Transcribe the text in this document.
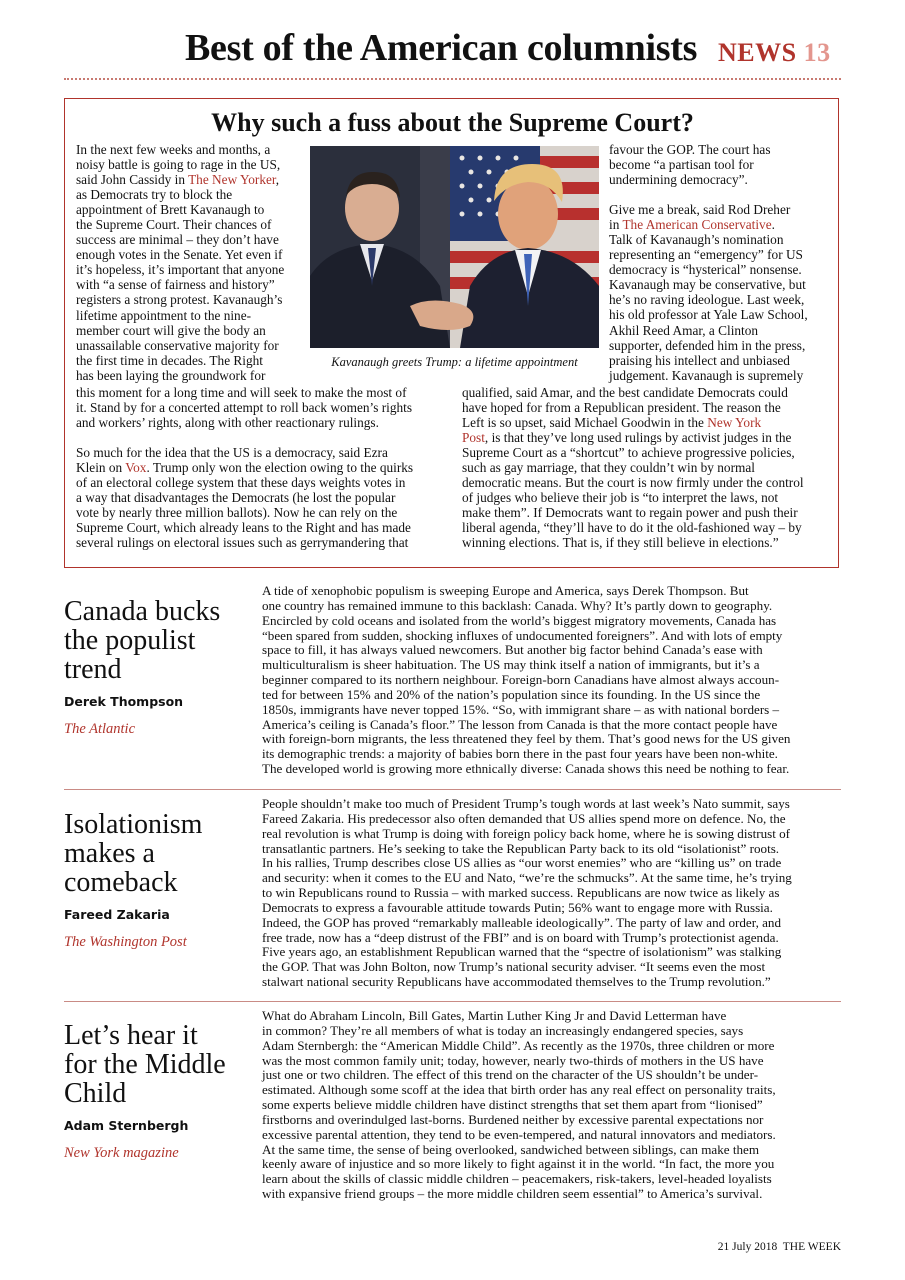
Best of the American columnists NEWS 13
Why such a fuss about the Supreme Court?
Kavanaugh greets Trump: a lifetime appointment

In the next few weeks and months, a

noisy battle is going to rage in the US,

said John Cassidy in The New Yorker,

as Democrats try to block the

appointment of Brett Kavanaugh to

the Supreme Court. Their chances of

success are minimal – they don’t have

enough votes in the Senate. Yet even if

it’s hopeless, it’s important that anyone

with “a sense of fairness and history”

registers a strong protest. Kavanaugh’s

lifetime appointment to the nine-

member court will give the body an

unassailable conservative majority for

the first time in decades. The Right

has been laying the groundwork for

this moment for a long time and will seek to make the most of

it. Stand by for a concerted attempt to roll back women’s rights

and workers’ rights, along with other reactionary rulings.

So much for the idea that the US is a democracy, said Ezra

Klein on Vox. Trump only won the election owing to the quirks

of an electoral college system that these days weights votes in

a way that disadvantages the Democrats (he lost the popular

vote by nearly three million ballots). Now he can rely on the

Supreme Court, which already leans to the Right and has made

several rulings on electoral issues such as gerrymandering that

favour the GOP. The court has

become “a partisan tool for

undermining democracy”.

Give me a break, said Rod Dreher

in The American Conservative.

Talk of Kavanaugh’s nomination

representing an “emergency” for US

democracy is “hysterical” nonsense.

Kavanaugh may be conservative, but

he’s no raving ideologue. Last week,

his old professor at Yale Law School,

Akhil Reed Amar, a Clinton

supporter, defended him in the press,

praising his intellect and unbiased

judgement. Kavanaugh is supremely

qualified, said Amar, and the best candidate Democrats could

have hoped for from a Republican president. The reason the

Left is so upset, said Michael Goodwin in the New York

Post, is that they’ve long used rulings by activist judges in the

Supreme Court as a “shortcut” to achieve progressive policies,

such as gay marriage, that they couldn’t win by normal

democratic means. But the court is now firmly under the control

of judges who believe their job is “to interpret the laws, not

make them”. If Democrats want to regain power and push their

liberal agenda, “they’ll have to do it the old-fashioned way – by

winning elections. That is, if they still believe in elections.”

Canada bucks
the populist
trend
Derek Thompson
The Atlantic
A tide of xenophobic populism is sweeping Europe and America, says Derek Thompson. But
one country has remained immune to this backlash: Canada. Why? It’s partly down to geography.
Encircled by cold oceans and isolated from the world’s biggest migratory movements, Canada has
“been spared from sudden, shocking influxes of undocumented foreigners”. And with lots of empty
space to fill, it has always valued newcomers. But another big factor behind Canada’s ease with
multiculturalism is sheer habituation. The US may think itself a nation of immigrants, but it’s a
beginner compared to its northern neighbour. Foreign-born Canadians have almost always accoun-
ted for between 15% and 20% of the nation’s population since its founding. In the US since the
1850s, immigrants have never topped 15%. “So, with immigrant share – as with national borders –
America’s ceiling is Canada’s floor.” The lesson from Canada is that the more contact people have
with foreign-born migrants, the less threatened they feel by them. That’s good news for the US given
its demographic trends: a majority of babies born there in the past four years have been non-white.
The developed world is growing more ethnically diverse: Canada shows this need be nothing to fear.
Isolationism
makes a
comeback
Fareed Zakaria
The Washington Post
People shouldn’t make too much of President Trump’s tough words at last week’s Nato summit, says
Fareed Zakaria. His predecessor also often demanded that US allies spend more on defence. No, the
real revolution is what Trump is doing with foreign policy back home, where he is sowing distrust of
transatlantic partners. He’s seeking to take the Republican Party back to its old “isolationist” roots.
In his rallies, Trump describes close US allies as “our worst enemies” who are “killing us” on trade
and security: when it comes to the EU and Nato, “we’re the schmucks”. At the same time, he’s trying
to win Republicans round to Russia – with marked success. Republicans are now twice as likely as
Democrats to express a favourable attitude towards Putin; 56% want to engage more with Russia.
Indeed, the GOP has proved “remarkably malleable ideologically”. The party of law and order, and
free trade, now has a “deep distrust of the FBI” and is on board with Trump’s protectionist agenda.
Five years ago, an establishment Republican warned that the “spectre of isolationism” was stalking
the GOP. That was John Bolton, now Trump’s national security adviser. “It seems even the most
stalwart national security Republicans have accommodated themselves to the Trump revolution.”
Let’s hear it
for the Middle
Child
Adam Sternbergh
New York magazine
What do Abraham Lincoln, Bill Gates, Martin Luther King Jr and David Letterman have
in common? They’re all members of what is today an increasingly endangered species, says
Adam Sternbergh: the “American Middle Child”. As recently as the 1970s, three children or more
was the most common family unit; today, however, nearly two-thirds of mothers in the US have
just one or two children. The effect of this trend on the character of the US shouldn’t be under-
estimated. Although some scoff at the idea that birth order has any real effect on personality traits,
some experts believe middle children have distinct strengths that set them apart from “lionised”
firstborns and overindulged last-borns. Burdened neither by excessive parental expectations nor
excessive parental attention, they tend to be even-tempered, and natural innovators and mediators.
At the same time, the sense of being overlooked, sandwiched between siblings, can make them
keenly aware of injustice and so more likely to fight against it in the world. “In fact, the more you
learn about the skills of classic middle children – peacemakers, risk-takers, level-headed loyalists
with expansive friend groups – the more middle children seem essential” to America’s survival.
21 July 2018 THE WEEK
